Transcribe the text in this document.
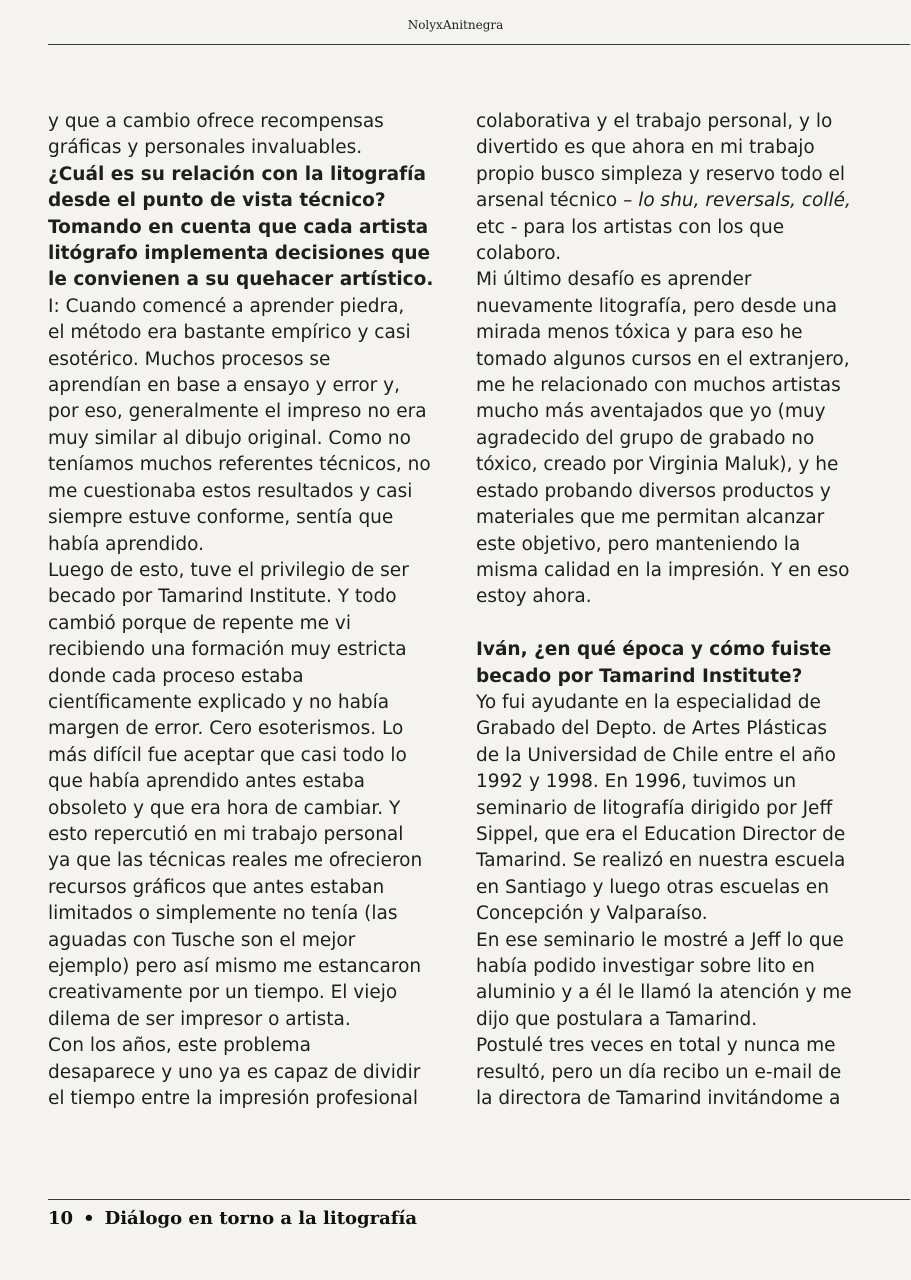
NolyxAnitnegra
y que a cambio ofrece recompensas
gráficas y personales invaluables.
¿Cuál es su relación con la litografía
desde el punto de vista técnico?
Tomando en cuenta que cada artista
litógrafo implementa decisiones que
le convienen a su quehacer artístico.
I: Cuando comencé a aprender piedra,
el método era bastante empírico y casi
esotérico. Muchos procesos se
aprendían en base a ensayo y error y,
por eso, generalmente el impreso no era
muy similar al dibujo original. Como no
teníamos muchos referentes técnicos, no
me cuestionaba estos resultados y casi
siempre estuve conforme, sentía que
había aprendido.
Luego de esto, tuve el privilegio de ser
becado por Tamarind Institute. Y todo
cambió porque de repente me vi
recibiendo una formación muy estricta
donde cada proceso estaba
científicamente explicado y no había
margen de error. Cero esoterismos. Lo
más difícil fue aceptar que casi todo lo
que había aprendido antes estaba
obsoleto y que era hora de cambiar. Y
esto repercutió en mi trabajo personal
ya que las técnicas reales me ofrecieron
recursos gráficos que antes estaban
limitados o simplemente no tenía (las
aguadas con Tusche son el mejor
ejemplo) pero así mismo me estancaron
creativamente por un tiempo. El viejo
dilema de ser impresor o artista.
Con los años, este problema
desaparece y uno ya es capaz de dividir
el tiempo entre la impresión profesional
colaborativa y el trabajo personal, y lo
divertido es que ahora en mi trabajo
propio busco simpleza y reservo todo el
arsenal técnico – lo shu, reversals, collé,
etc - para los artistas con los que
colaboro.
Mi último desafío es aprender
nuevamente litografía, pero desde una
mirada menos tóxica y para eso he
tomado algunos cursos en el extranjero,
me he relacionado con muchos artistas
mucho más aventajados que yo (muy
agradecido del grupo de grabado no
tóxico, creado por Virginia Maluk), y he
estado probando diversos productos y
materiales que me permitan alcanzar
este objetivo, pero manteniendo la
misma calidad en la impresión. Y en eso
estoy ahora.
Iván, ¿en qué época y cómo fuiste
becado por Tamarind Institute?
Yo fui ayudante en la especialidad de
Grabado del Depto. de Artes Plásticas
de la Universidad de Chile entre el año
1992 y 1998. En 1996, tuvimos un
seminario de litografía dirigido por Jeff
Sippel, que era el Education Director de
Tamarind. Se realizó en nuestra escuela
en Santiago y luego otras escuelas en
Concepción y Valparaíso.
En ese seminario le mostré a Jeff lo que
había podido investigar sobre lito en
aluminio y a él le llamó la atención y me
dijo que postulara a Tamarind.
Postulé tres veces en total y nunca me
resultó, pero un día recibo un e-mail de
la directora de Tamarind invitándome a
10 • Diálogo en torno a la litografía
